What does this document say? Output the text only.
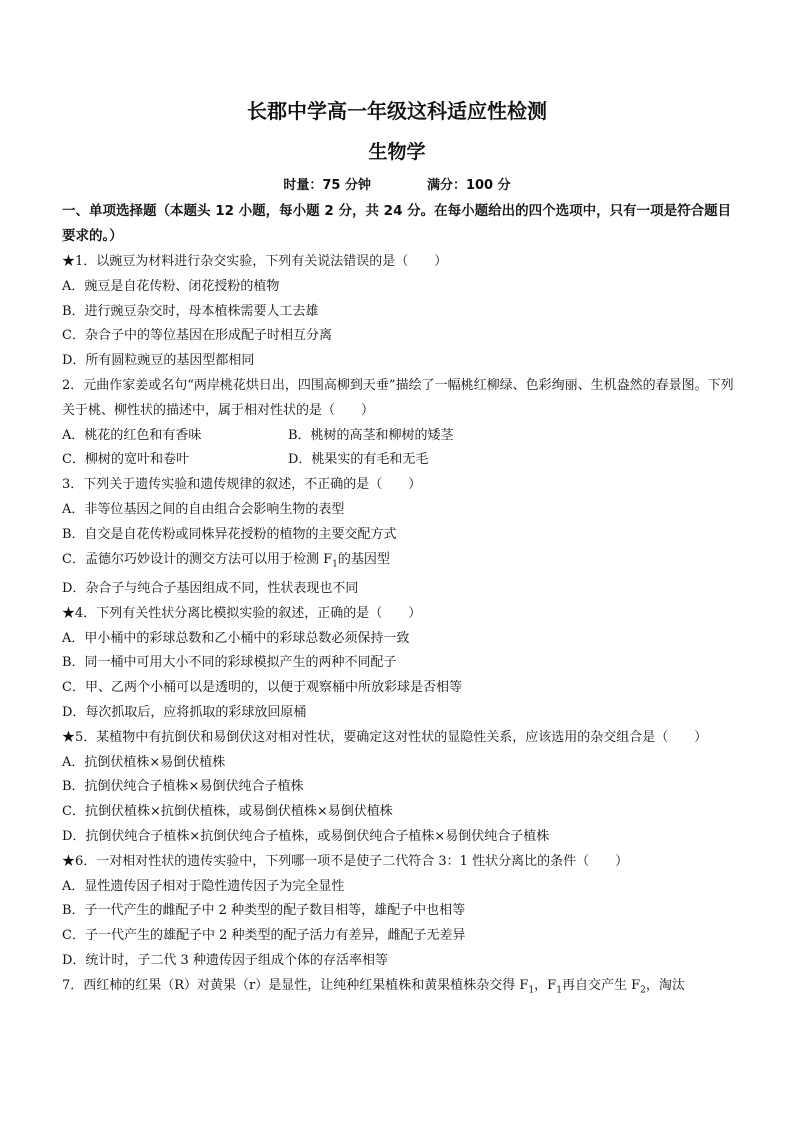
长郡中学高一年级这科适应性检测
生物学
时量：75 分钟	满分：100 分
一、单项选择题（本题头 12 小题，每小题 2 分，共 24 分。在每小题给出的四个选项中，只有一项是符合题目要求的。）
★1．以豌豆为材料进行杂交实验，下列有关说法错误的是（　　）
A．豌豆是自花传粉、闭花授粉的植物
B．进行豌豆杂交时，母本植株需要人工去雄
C．杂合子中的等位基因在形成配子时相互分离
D．所有圆粒豌豆的基因型都相同
2．元曲作家姜或名句“两岸桃花烘日出，四围高柳到天垂”描绘了一幅桃红柳绿、色彩绚丽、生机盎然的春景图。下列关于桃、柳性状的描述中，属于相对性状的是（　　）
A．桃花的红色和有香味	B．桃树的高茎和柳树的矮茎
C．柳树的宽叶和卷叶	D．桃果实的有毛和无毛
3．下列关于遗传实验和遗传规律的叙述，不正确的是（　　）
A．非等位基因之间的自由组合会影响生物的表型
B．自交是自花传粉或同株异花授粉的植物的主要交配方式
C．孟德尔巧妙设计的测交方法可以用于检测 $F_1$的基因型
D．杂合子与纯合子基因组成不同，性状表现也不同
★4．下列有关性状分离比模拟实验的叙述，正确的是（　　）
A．甲小桶中的彩球总数和乙小桶中的彩球总数必须保持一致
B．同一桶中可用大小不同的彩球模拟产生的两种不同配子
C．甲、乙两个小桶可以是透明的，以便于观察桶中所放彩球是否相等
D．每次抓取后，应将抓取的彩球放回原桶
★5．某植物中有抗倒伏和易倒伏这对相对性状，要确定这对性状的显隐性关系，应该选用的杂交组合是（　　）
A．抗倒伏植株×易倒伏植株
B．抗倒伏纯合子植株×易倒伏纯合子植株
C．抗倒伏植株×抗倒伏植株，或易倒伏植株×易倒伏植株
D．抗倒伏纯合子植株×抗倒伏纯合子植株，或易倒伏纯合子植株×易倒伏纯合子植株
★6．一对相对性状的遗传实验中，下列哪一项不是使子二代符合 3：1 性状分离比的条件（　　）
A．显性遗传因子相对于隐性遗传因子为完全显性
B．子一代产生的雌配子中 2 种类型的配子数目相等，雄配子中也相等
C．子一代产生的雄配子中 2 种类型的配子活力有差异，雌配子无差异
D．统计时，子二代 3 种遗传因子组成个体的存活率相等
7．西红柿的红果（R）对黄果（r）是显性，让纯种红果植株和黄果植株杂交得 $F_1$，$F_1$再自交产生 $F_2$，淘汰
